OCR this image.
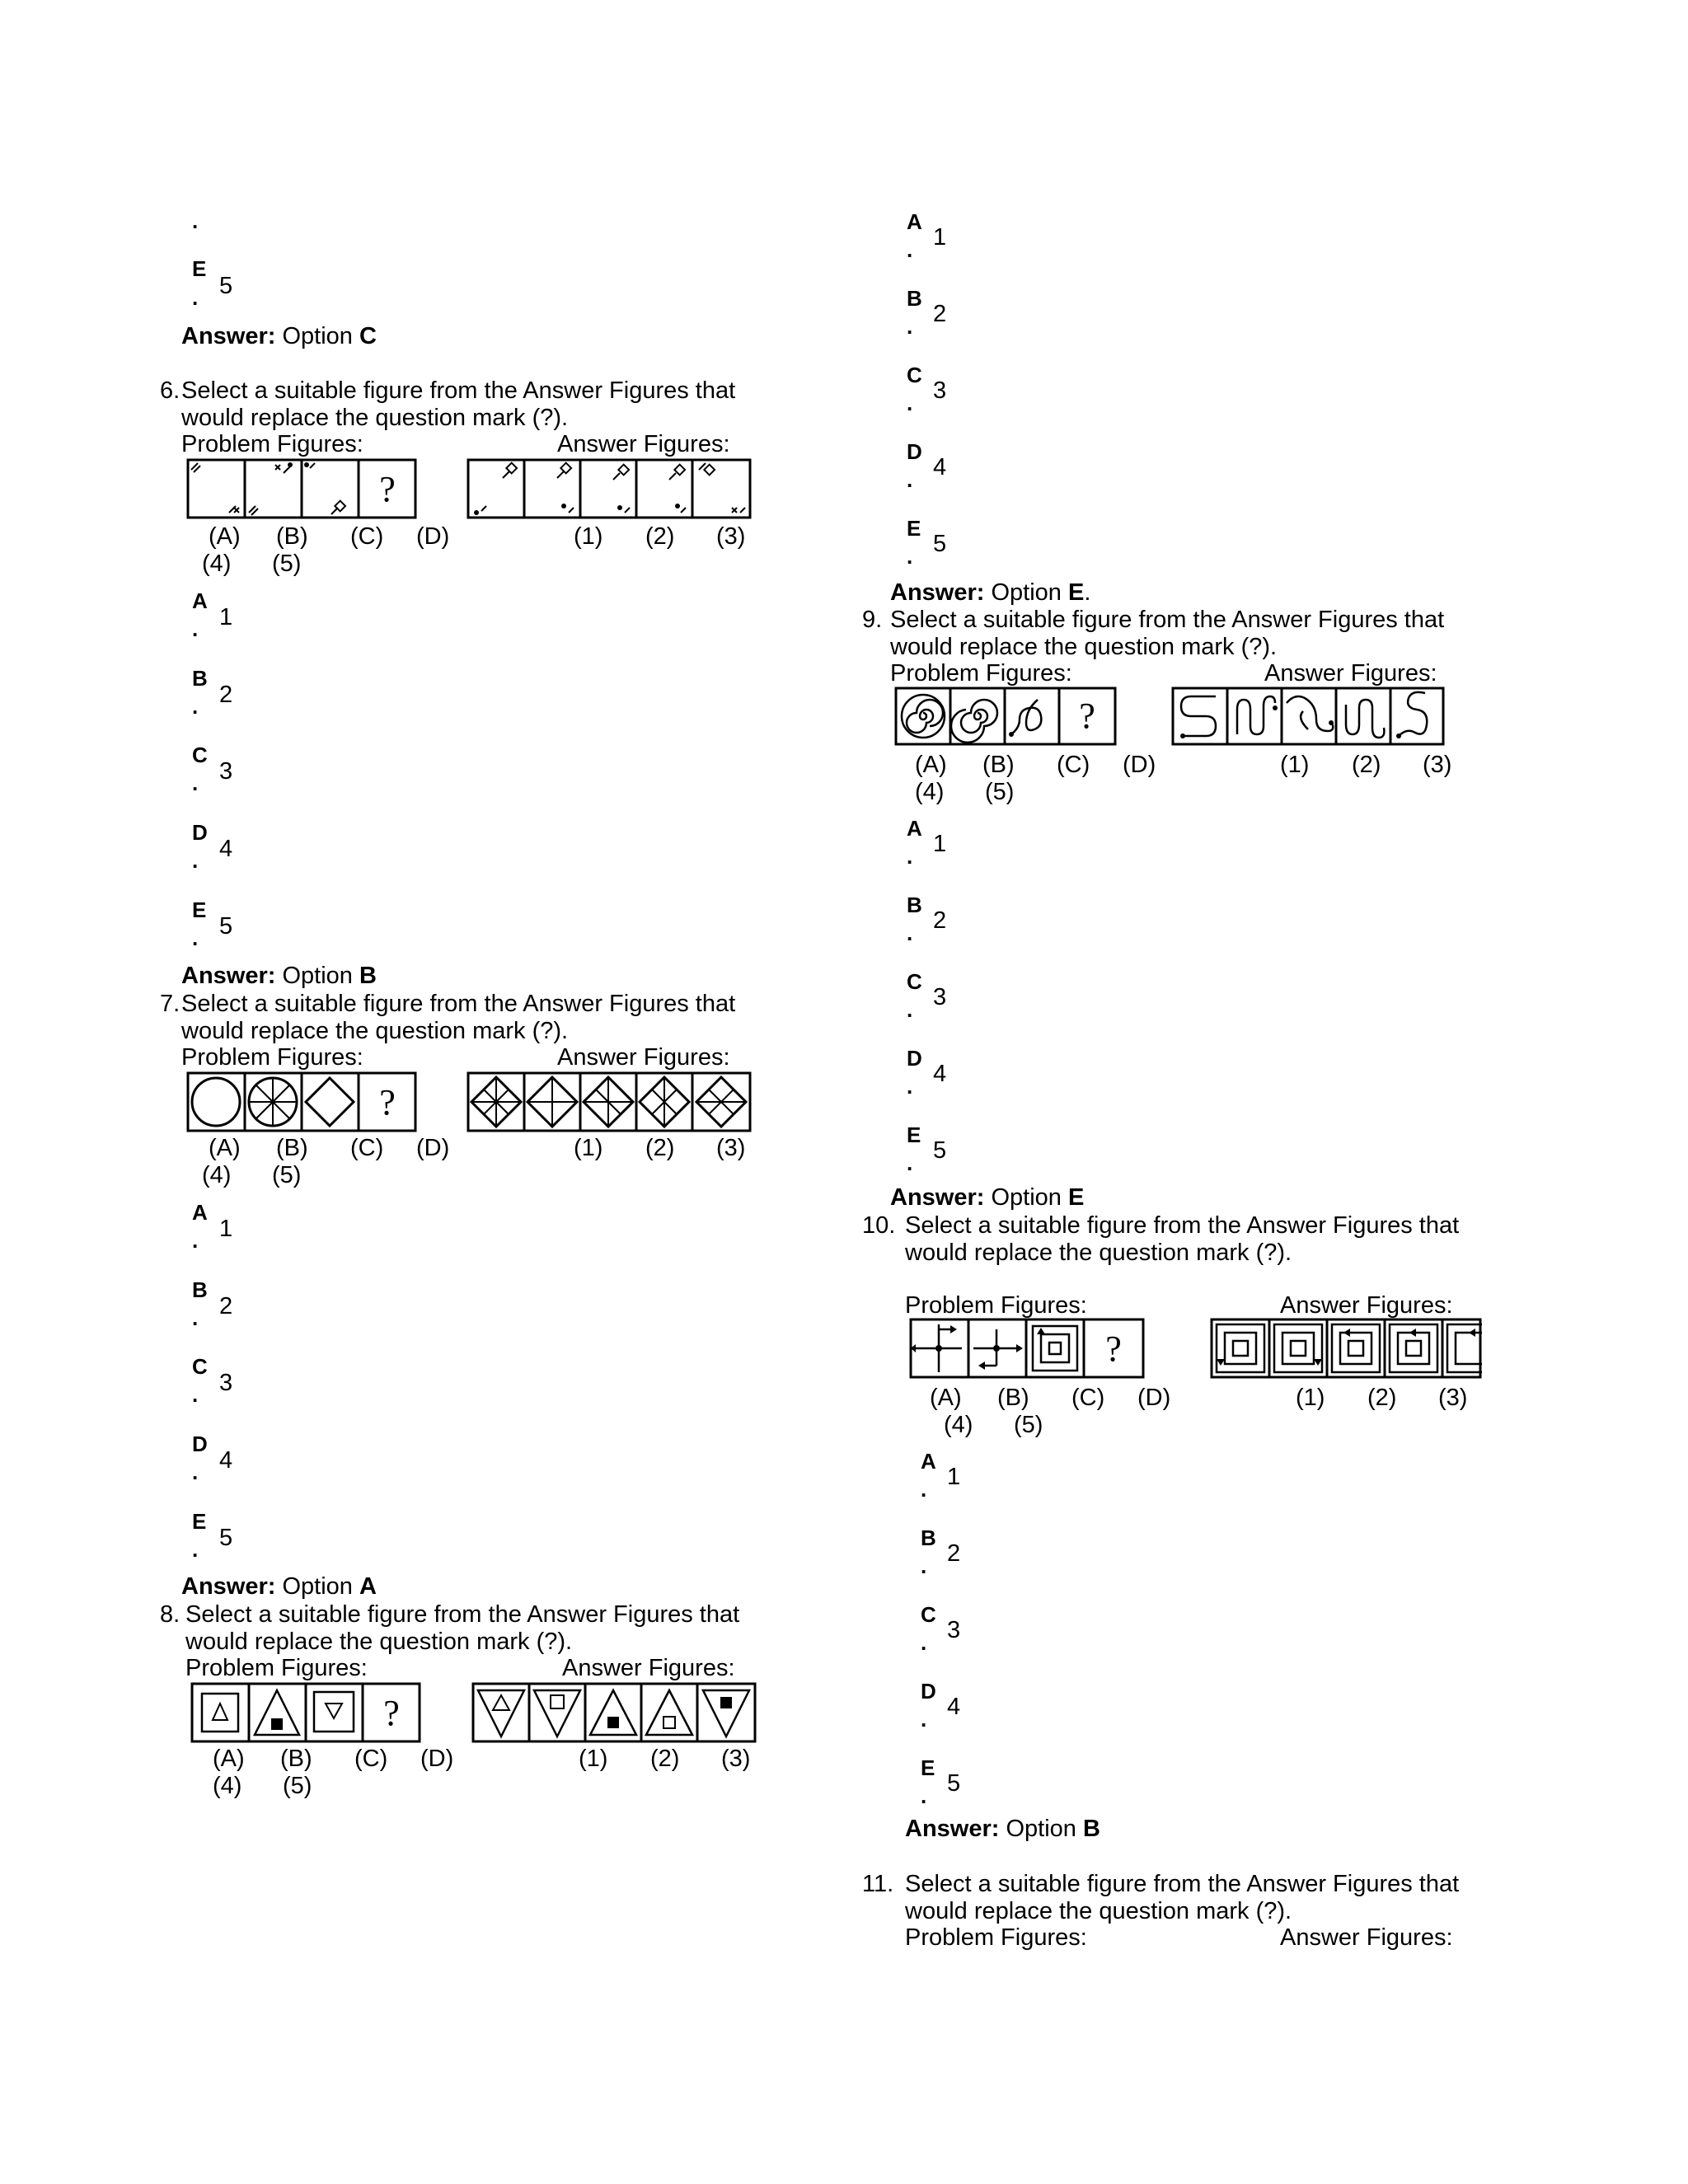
.
E
5
.
Answer: Option C
6. Select a suitable figure from the Answer Figures that
would replace the question mark (?).
Problem Figures:	Answer Figures:
?
(A) (B) (C) (D)	(1) (2) (3)
(4) (5)
A
1
.
B
2
.
C
3
.
D
4
.
E
5
.
Answer: Option B
7. Select a suitable figure from the Answer Figures that
would replace the question mark (?).
Problem Figures:	Answer Figures:
?
(A) (B) (C) (D)	(1) (2) (3)
(4) (5)
A
1
.
B
2
.
C
3
.
D
4
.
E
5
.
Answer: Option A
8. Select a suitable figure from the Answer Figures that
would replace the question mark (?).
Problem Figures:	Answer Figures:
?
(A) (B) (C) (D)	(1) (2) (3)
(4) (5)
A
1
.
B
2
.
C
3
.
D
4
.
E
5
.
Answer: Option E.
9. Select a suitable figure from the Answer Figures that
would replace the question mark (?).
Problem Figures:	Answer Figures:
?
(A) (B) (C) (D)	(1) (2) (3)
(4) (5)
A
1
.
B
2
.
C
3
.
D
4
.
E
5
.
Answer: Option E
10. Select a suitable figure from the Answer Figures that
would replace the question mark (?).
Problem Figures:	Answer Figures:
?
(A) (B) (C) (D)	(1) (2) (3)
(4) (5)
A
1
.
B
2
.
C
3
.
D
4
.
E
5
.
Answer: Option B
11. Select a suitable figure from the Answer Figures that
would replace the question mark (?).
Problem Figures:	Answer Figures:
